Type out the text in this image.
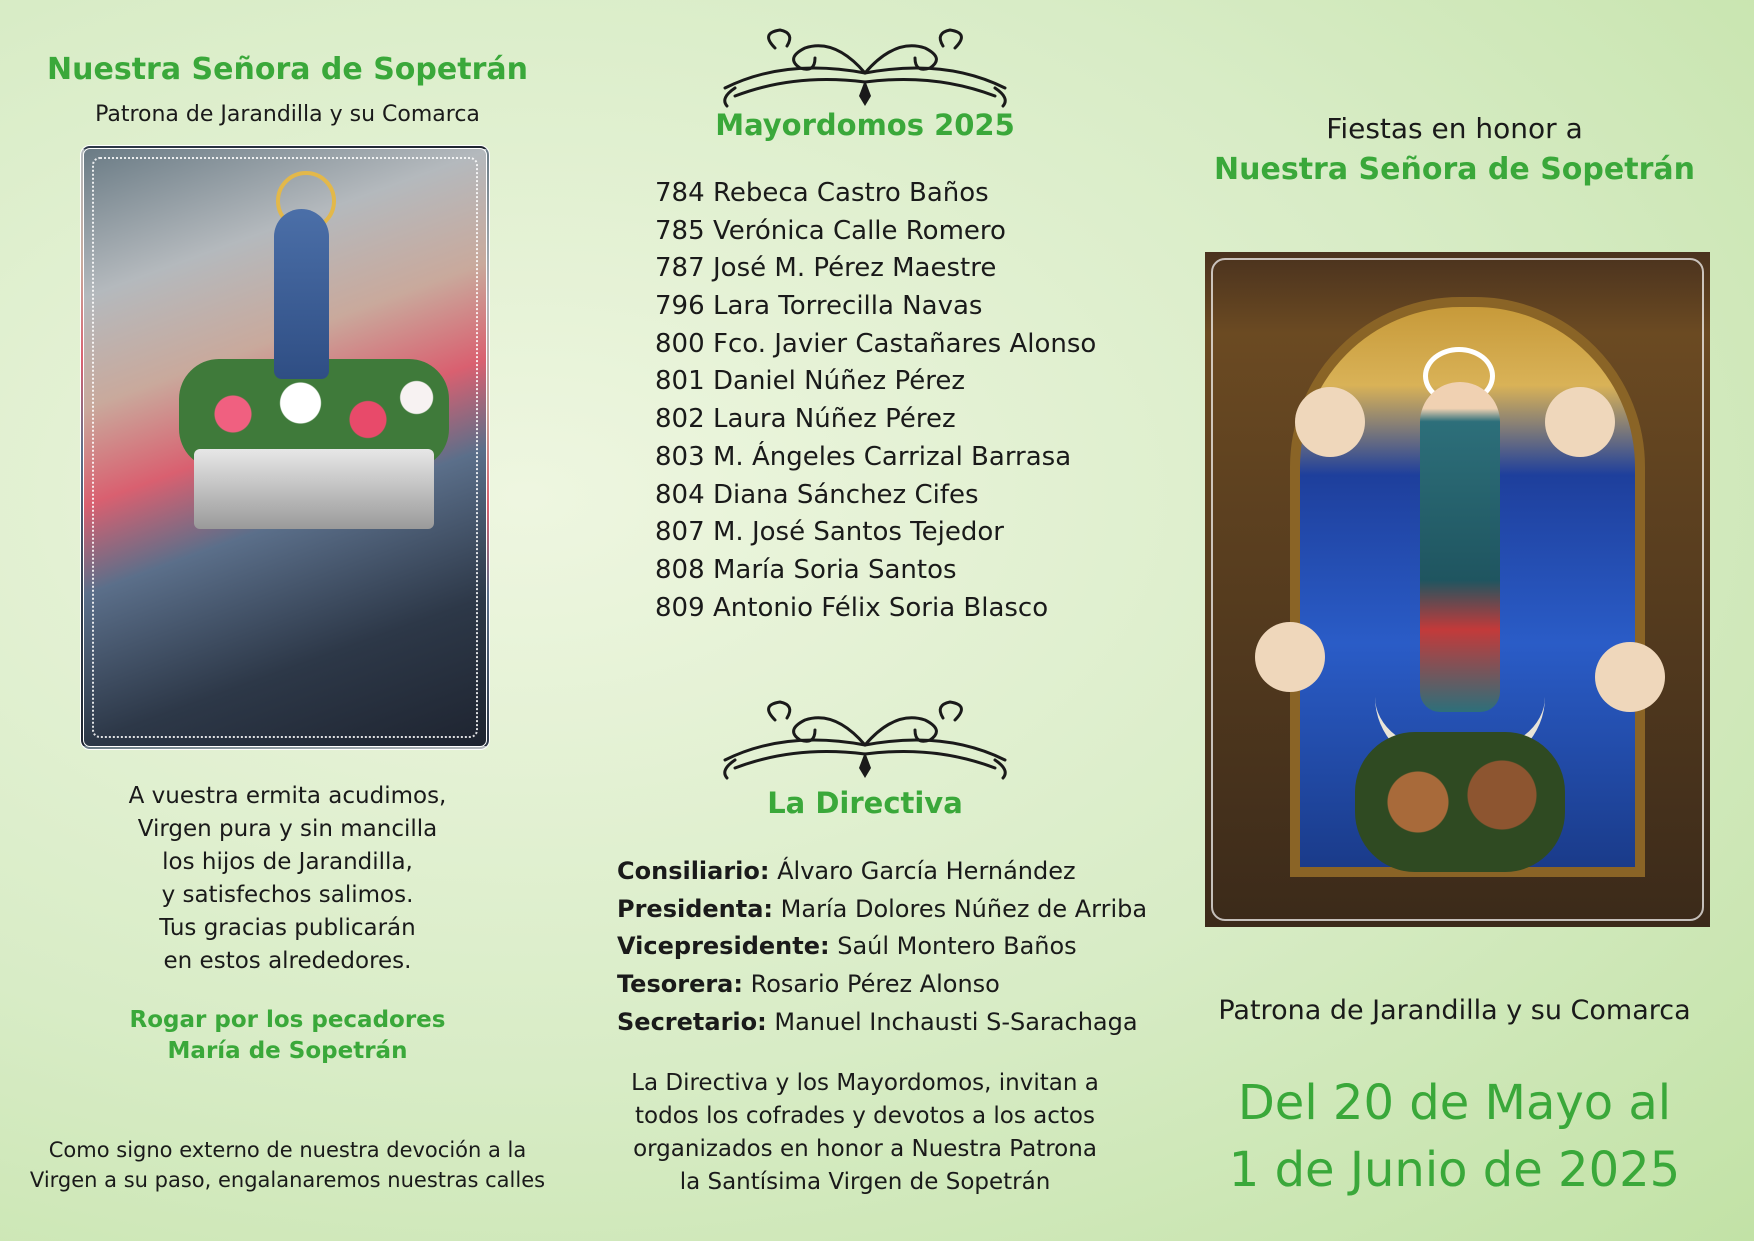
Nuestra Señora de Sopetrán
Patrona de Jarandilla y su Comarca
A vuestra ermita acudimos,
Virgen pura y sin mancilla
los hijos de Jarandilla,
y satisfechos salimos.
Tus gracias publicarán
en estos alrededores.
Rogar por los pecadores
María de Sopetrán
Como signo externo de nuestra devoción a la
Virgen a su paso, engalanaremos nuestras calles
Mayordomos 2025
784 Rebeca Castro Baños
785 Verónica Calle Romero
787 José M. Pérez Maestre
796 Lara Torrecilla Navas
800 Fco. Javier Castañares Alonso
801 Daniel Núñez Pérez
802 Laura Núñez Pérez
803 M. Ángeles Carrizal Barrasa
804 Diana Sánchez Cifes
807 M. José Santos Tejedor
808 María Soria Santos
809 Antonio Félix Soria Blasco
La Directiva
Consiliario: Álvaro García Hernández
Presidenta: María Dolores Núñez de Arriba
Vicepresidente: Saúl Montero Baños
Tesorera: Rosario Pérez Alonso
Secretario: Manuel Inchausti S-Sarachaga
La Directiva y los Mayordomos, invitan a
todos los cofrades y devotos a los actos
organizados en honor a Nuestra Patrona
la Santísima Virgen de Sopetrán
Fiestas en honor a
Nuestra Señora de Sopetrán
Patrona de Jarandilla y su Comarca
Del 20 de Mayo al
1 de Junio de 2025
